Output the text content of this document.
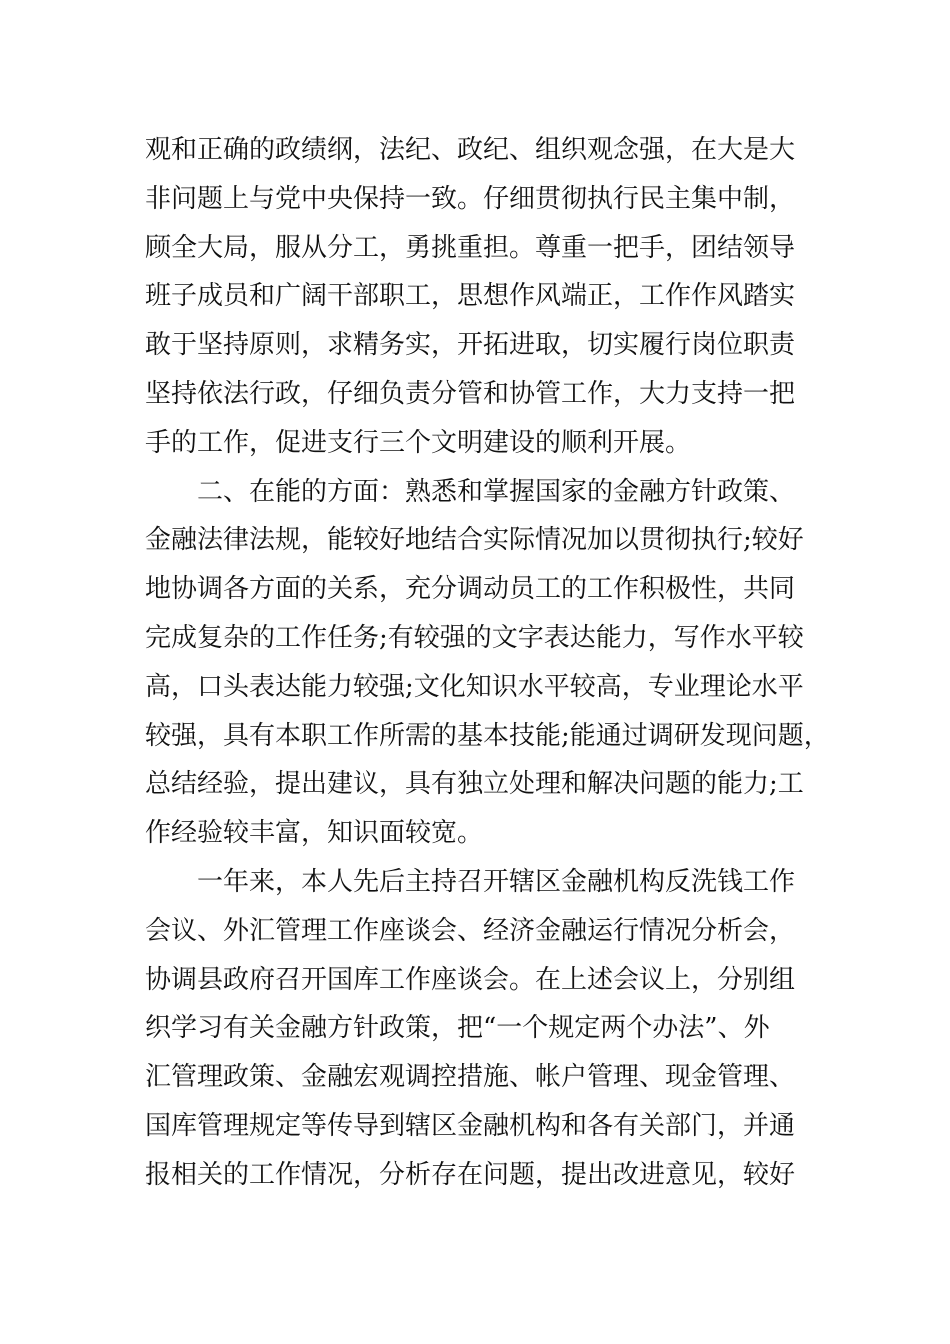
观和正确的政绩纲，法纪、政纪、组织观念强，在大是大
非问题上与党中央保持一致。仔细贯彻执行民主集中制，
顾全大局，服从分工，勇挑重担。尊重一把手，团结领导
班子成员和广阔干部职工，思想作风端正，工作作风踏实
敢于坚持原则，求精务实，开拓进取，切实履行岗位职责
坚持依法行政，仔细负责分管和协管工作，大力支持一把
手的工作，促进支行三个文明建设的顺利开展。
二、在能的方面：熟悉和掌握国家的金融方针政策、
金融法律法规，能较好地结合实际情况加以贯彻执行;较好
地协调各方面的关系，充分调动员工的工作积极性，共同
完成复杂的工作任务;有较强的文字表达能力，写作水平较
高，口头表达能力较强;文化知识水平较高，专业理论水平
较强，具有本职工作所需的基本技能;能通过调研发现问题，
总结经验，提出建议，具有独立处理和解决问题的能力;工
作经验较丰富，知识面较宽。
一年来，本人先后主持召开辖区金融机构反洗钱工作
会议、外汇管理工作座谈会、经济金融运行情况分析会，
协调县政府召开国库工作座谈会。在上述会议上，分别组
织学习有关金融方针政策，把“一个规定两个办法”、外
汇管理政策、金融宏观调控措施、帐户管理、现金管理、
国库管理规定等传导到辖区金融机构和各有关部门，并通
报相关的工作情况，分析存在问题，提出改进意见，较好
